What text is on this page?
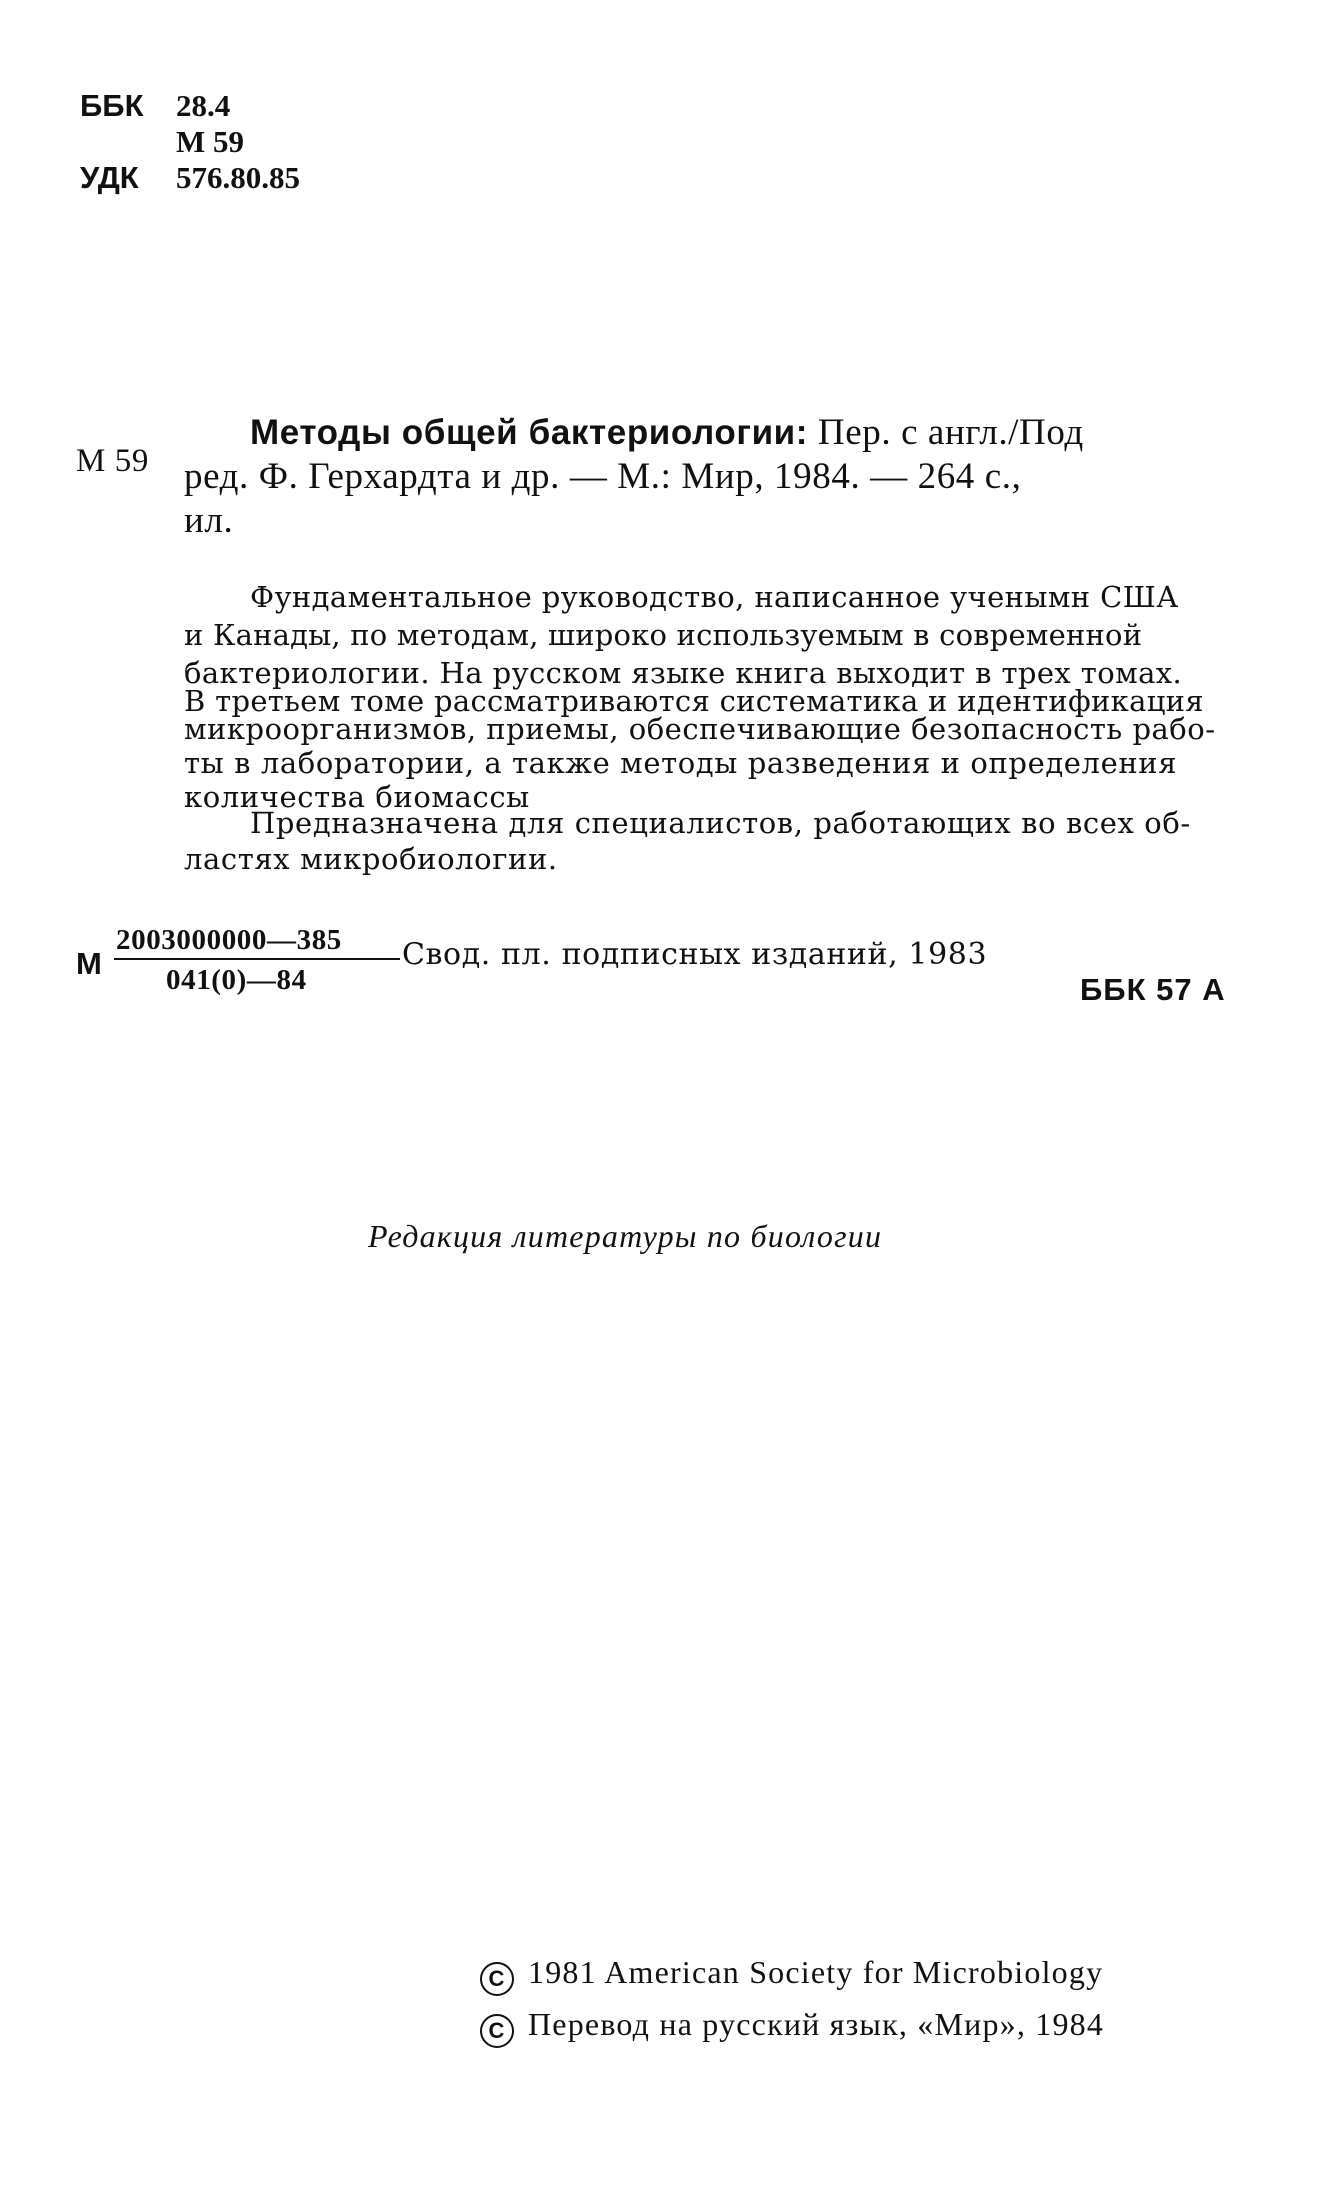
ББК 28.4
М 59
УДК 576.80.85
М 59
Методы общей бактериологии: Пер. с англ./Под
ред. Ф. Герхардта и др. — М.: Мир, 1984. — 264 с.,
ил.
Фундаментальное руководство, написанное ученымн США
и Канады, по методам, широко используемым в современной
бактериологии. На русском языке книга выходит в трех томах.
В третьем томе рассматриваются систематика и идентификация
микроорганизмов, приемы, обеспечивающие безопасность рабо-
ты в лаборатории, а также методы разведения и определения
количества биомассы
Предназначена для специалистов, работающих во всех об-
ластях микробиологии.
М
2003000000—385
041(0)—84
Свод. пл. подписных изданий, 1983
ББК 57 А
Редакция литературы по биологии
C 1981 American Society for Microbiology
C Перевод на русский язык, «Мир», 1984
